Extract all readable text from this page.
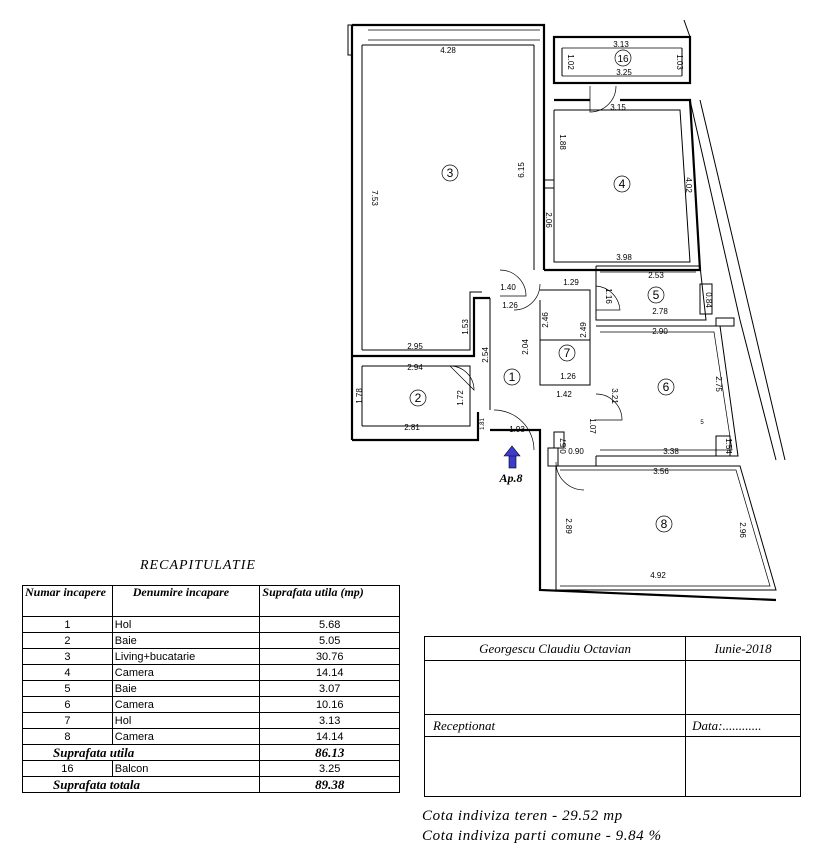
3
4
2
1
7
5
6
8
16
4.28
7.53
6.15
3.13
1.02	1.03
3.25
3.15
1.88
4.02
2.06
3.98
1.29
2.53
0.84
1.16
2.78
1.40
1.26
2.46
2.49
2.04
2.54
1.53
2.95
2.94
1.78	1.72
2.81
1.26
1.42	3.21
1.93	1.07
0.57 0.90
2.90
2.75
3.38	1.54
3.56
2.89	2.96
4.92
1.81	5
Ap.8
RECAPITULATIE
Numar incapere	Denumire incapare	Suprafata utila (mp)
1	Hol	5.68
2	Baie	5.05
3	Living+bucatarie	30.76
4	Camera	14.14
5	Baie	3.07
6	Camera	10.16
7	Hol	3.13
8	Camera	14.14
Suprafata utila		86.13
16	Balcon	3.25
Suprafata totala		89.38
Georgescu Claudiu Octavian	Iunie-2018

Receptionat	Data:............

Cota indiviza teren - 29.52 mp
Cota indiviza parti comune - 9.84 %
